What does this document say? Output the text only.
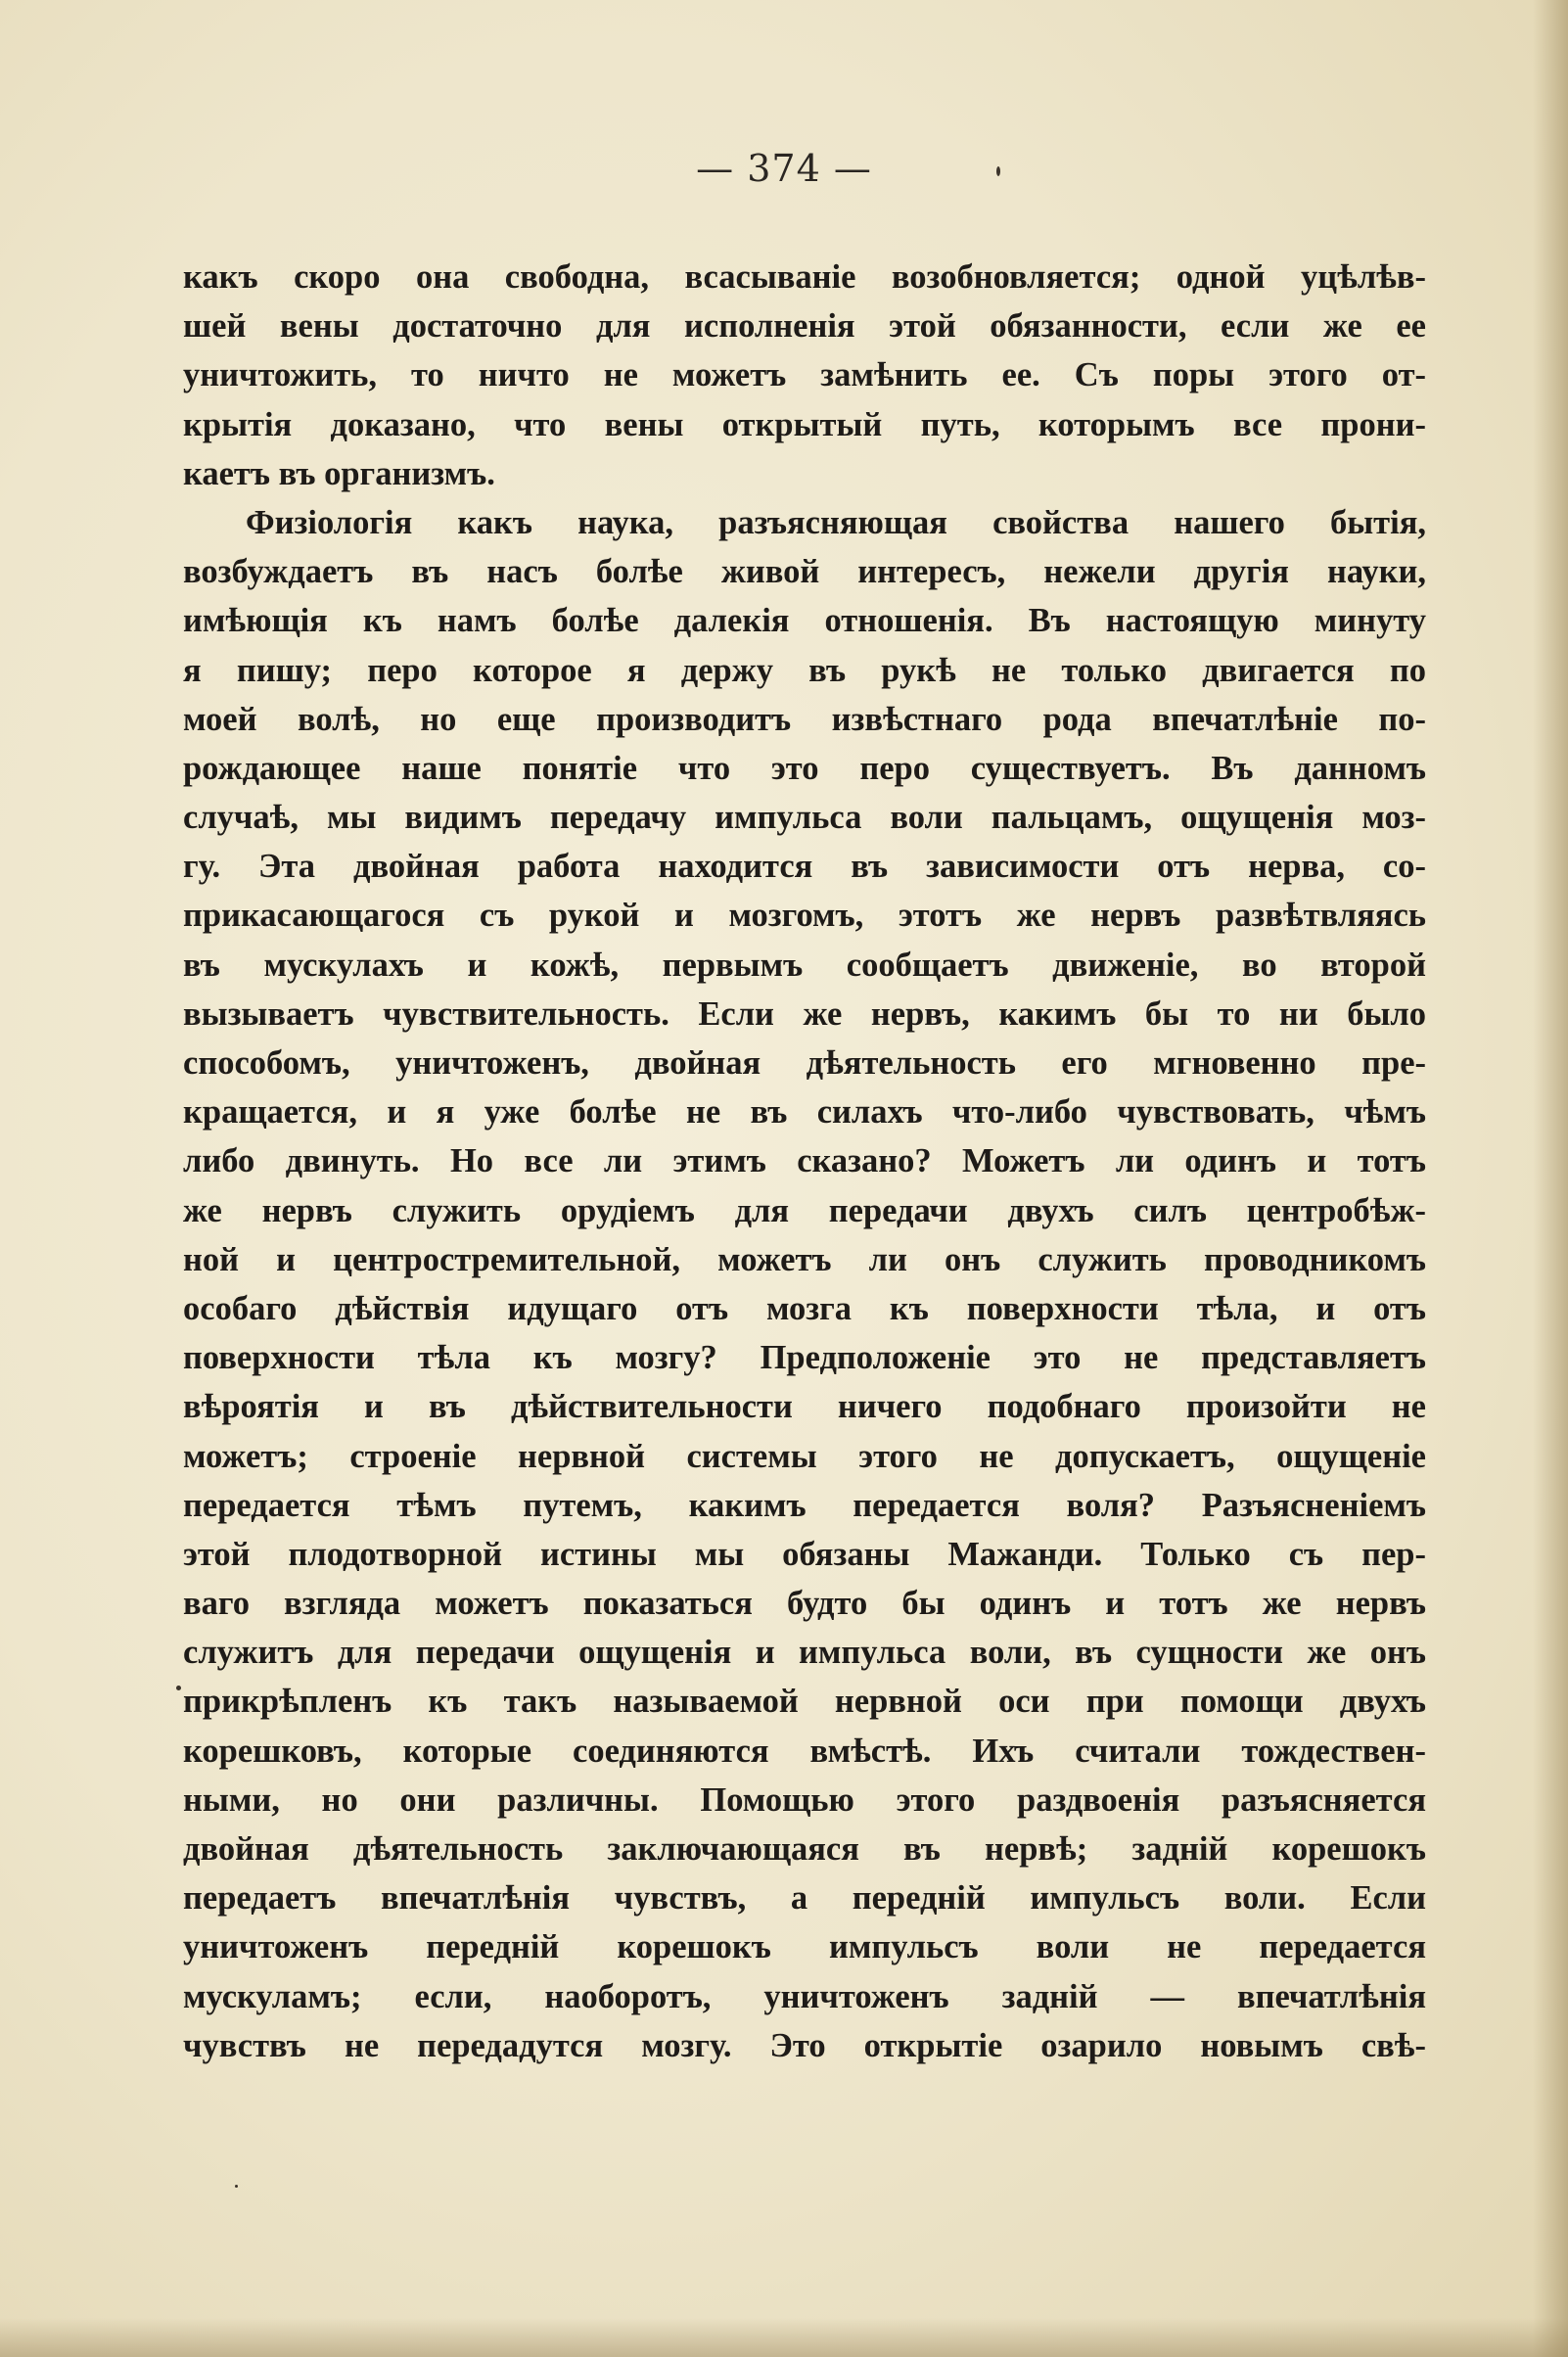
— 374 —
какъ скоро она свободна, всасываніе возобновляется; одной уцѣлѣв-
шей вены достаточно для исполненія этой обязанности, если же ее
уничтожить, то ничто не можетъ замѣнить ее. Съ поры этого от-
крытія доказано, что вены открытый путь, которымъ все прони-
каетъ въ организмъ.
Физіологія какъ наука, разъясняющая свойства нашего бытія,
возбуждаетъ въ насъ болѣе живой интересъ, нежели другія науки,
имѣющія къ намъ болѣе далекія отношенія. Въ настоящую минуту
я пишу; перо которое я держу въ рукѣ не только двигается по
моей волѣ, но еще производитъ извѣстнаго рода впечатлѣніе по-
рождающее наше понятіе что это перо существуетъ. Въ данномъ
случаѣ, мы видимъ передачу импульса воли пальцамъ, ощущенія моз-
гу. Эта двойная работа находится въ зависимости отъ нерва, со-
прикасающагося съ рукой и мозгомъ, этотъ же нервъ развѣтвляясь
въ мускулахъ и кожѣ, первымъ сообщаетъ движеніе, во второй
вызываетъ чувствительность. Если же нервъ, какимъ бы то ни было
способомъ, уничтоженъ, двойная дѣятельность его мгновенно пре-
кращается, и я уже болѣе не въ силахъ что-либо чувствовать, чѣмъ
либо двинуть. Но все ли этимъ сказано? Можетъ ли одинъ и тотъ
же нервъ служить орудіемъ для передачи двухъ силъ центробѣж-
ной и центростремительной, можетъ ли онъ служить проводникомъ
особаго дѣйствія идущаго отъ мозга къ поверхности тѣла, и отъ
поверхности тѣла къ мозгу? Предположеніе это не представляетъ
вѣроятія и въ дѣйствительности ничего подобнаго произойти не
можетъ; строеніе нервной системы этого не допускаетъ, ощущеніе
передается тѣмъ путемъ, какимъ передается воля? Разъясненіемъ
этой плодотворной истины мы обязаны Мажанди. Только съ пер-
ваго взгляда можетъ показаться будто бы одинъ и тотъ же нервъ
служитъ для передачи ощущенія и импульса воли, въ сущности же онъ
прикрѣпленъ къ такъ называемой нервной оси при помощи двухъ
корешковъ, которые соединяются вмѣстѣ. Ихъ считали тождествен-
ными, но они различны. Помощью этого раздвоенія разъясняется
двойная дѣятельность заключающаяся въ нервѣ; задній корешокъ
передаетъ впечатлѣнія чувствъ, а передній импульсъ воли. Если
уничтоженъ передній корешокъ импульсъ воли не передается
мускуламъ; если, наоборотъ, уничтоженъ задній — впечатлѣнія
чувствъ не передадутся мозгу. Это открытіе озарило новымъ свѣ-
